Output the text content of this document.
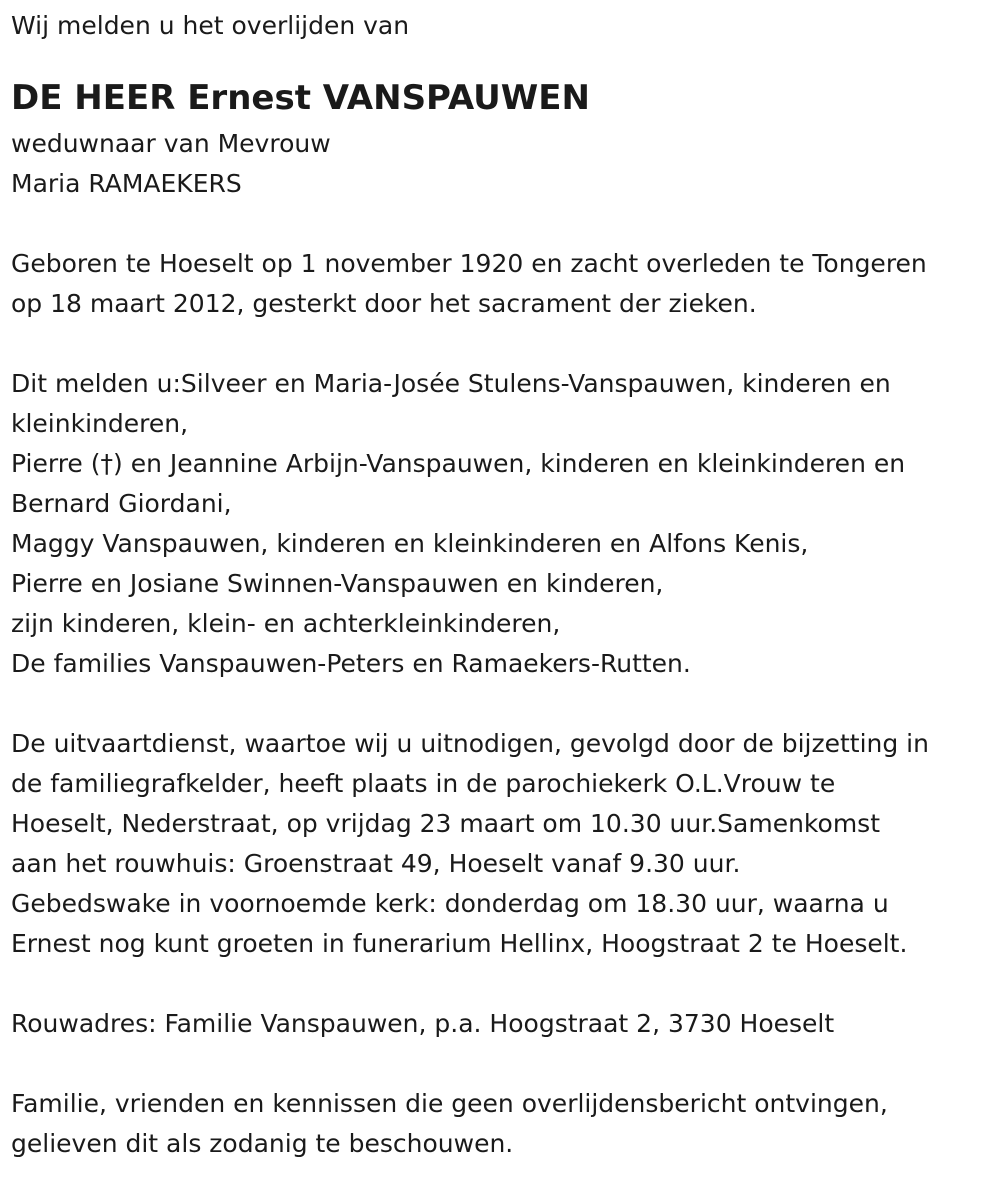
Wij melden u het overlijden van

DE HEER Ernest VANSPAUWEN

weduwnaar van Mevrouw

Maria RAMAEKERS

Geboren te Hoeselt op 1 november 1920 en zacht overleden te Tongeren

op 18 maart 2012, gesterkt door het sacrament der zieken.

Dit melden u:Silveer en Maria-Josée Stulens-Vanspauwen, kinderen en

kleinkinderen,

Pierre (†) en Jeannine Arbijn-Vanspauwen, kinderen en kleinkinderen en

Bernard Giordani,

Maggy Vanspauwen, kinderen en kleinkinderen en Alfons Kenis,

Pierre en Josiane Swinnen-Vanspauwen en kinderen,

zijn kinderen, klein- en achterkleinkinderen,

De families Vanspauwen-Peters en Ramaekers-Rutten.

De uitvaartdienst, waartoe wij u uitnodigen, gevolgd door de bijzetting in

de familiegrafkelder, heeft plaats in de parochiekerk O.L.Vrouw te

Hoeselt, Nederstraat, op vrijdag 23 maart om 10.30 uur.Samenkomst

aan het rouwhuis: Groenstraat 49, Hoeselt vanaf 9.30 uur.

Gebedswake in voornoemde kerk: donderdag om 18.30 uur, waarna u

Ernest nog kunt groeten in funerarium Hellinx, Hoogstraat 2 te Hoeselt.

Rouwadres: Familie Vanspauwen, p.a. Hoogstraat 2, 3730 Hoeselt

Familie, vrienden en kennissen die geen overlijdensbericht ontvingen,

gelieven dit als zodanig te beschouwen.
